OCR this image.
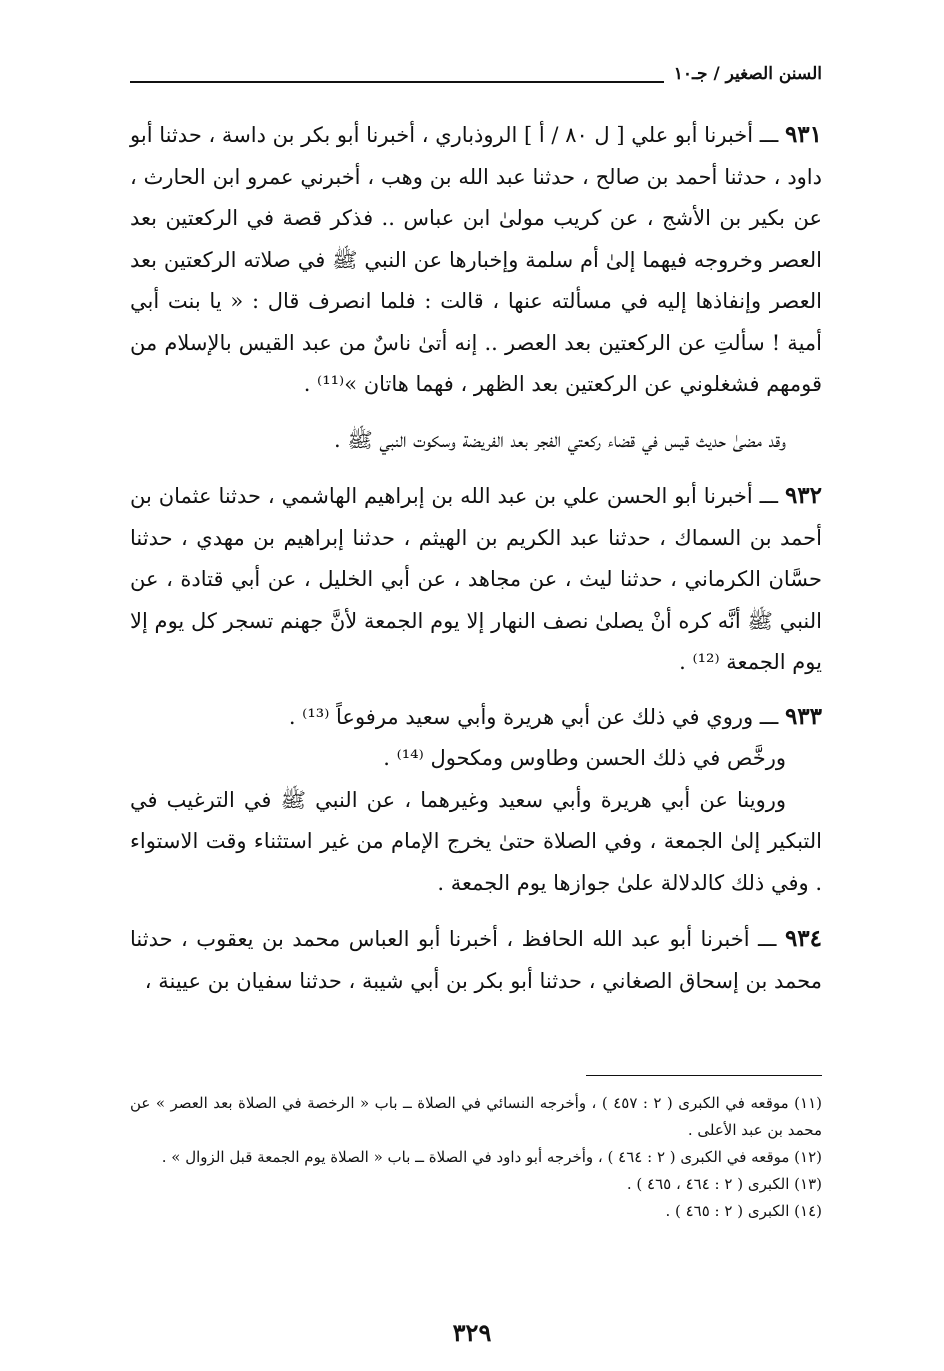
السنن الصغير / جـ١٠

٩٣١ ـــ أخبرنا أبو علي [ ل ٨٠ / أ ] الروذباري ، أخبرنا أبو بكر بن داسة ، حدثنا أبو داود ، حدثنا أحمد بن صالح ، حدثنا عبد الله بن وهب ، أخبرني عمرو ابن الحارث ، عن بكير بن الأشج ، عن كريب مولىٰ ابن عباس .. فذكر قصة في الركعتين بعد العصر وخروجه فيهما إلىٰ أم سلمة وإخبارها عن النبي ﷺ في صلاته الركعتين بعد العصر وإنفاذها إليه في مسألته عنها ، قالت : فلما انصرف قال : « يا بنت أبي أمية ! سألتِ عن الركعتين بعد العصر .. إنه أتىٰ ناسٌ من عبد القيس بالإسلام من قومهم فشغلوني عن الركعتين بعد الظهر ، فهما هاتان »⁽¹¹⁾ .

وقد مضىٰ حديث قيس في قضاء ركعتي الفجر بعد الفريضة وسكوت النبي ﷺ .

٩٣٢ ـــ أخبرنا أبو الحسن علي بن عبد الله بن إبراهيم الهاشمي ، حدثنا عثمان بن أحمد بن السماك ، حدثنا عبد الكريم بن الهيثم ، حدثنا إبراهيم بن مهدي ، حدثنا حسَّان الكرماني ، حدثنا ليث ، عن مجاهد ، عن أبي الخليل ، عن أبي قتادة ، عن النبي ﷺ أنَّه كره أنْ يصلىٰ نصف النهار إلا يوم الجمعة لأنَّ جهنم تسجر كل يوم إلا يوم الجمعة ⁽¹²⁾ .

٩٣٣ ـــ وروي في ذلك عن أبي هريرة وأبي سعيد مرفوعاً ⁽¹³⁾ .

ورخَّص في ذلك الحسن وطاوس ومكحول ⁽¹⁴⁾ .

وروينا عن أبي هريرة وأبي سعيد وغيرهما ، عن النبي ﷺ في الترغيب في التبكير إلىٰ الجمعة ، وفي الصلاة حتىٰ يخرج الإمام من غير استثناء وقت الاستواء . وفي ذلك كالدلالة علىٰ جوازها يوم الجمعة .

٩٣٤ ـــ أخبرنا أبو عبد الله الحافظ ، أخبرنا أبو العباس محمد بن يعقوب ، حدثنا محمد بن إسحاق الصغاني ، حدثنا أبو بكر بن أبي شيبة ، حدثنا سفيان بن عيينة ،

(١١) موقعه في الكبرى ( ٢ : ٤٥٧ ) ، وأخرجه النسائي في الصلاة ــ باب « الرخصة في الصلاة بعد العصر » عن محمد بن عبد الأعلى .

(١٢) موقعه في الكبرى ( ٢ : ٤٦٤ ) ، وأخرجه أبو داود في الصلاة ــ باب « الصلاة يوم الجمعة قبل الزوال » .

(١٣) الكبرى ( ٢ : ٤٦٤ ، ٤٦٥ ) .

(١٤) الكبرى ( ٢ : ٤٦٥ ) .

٣٢٩
